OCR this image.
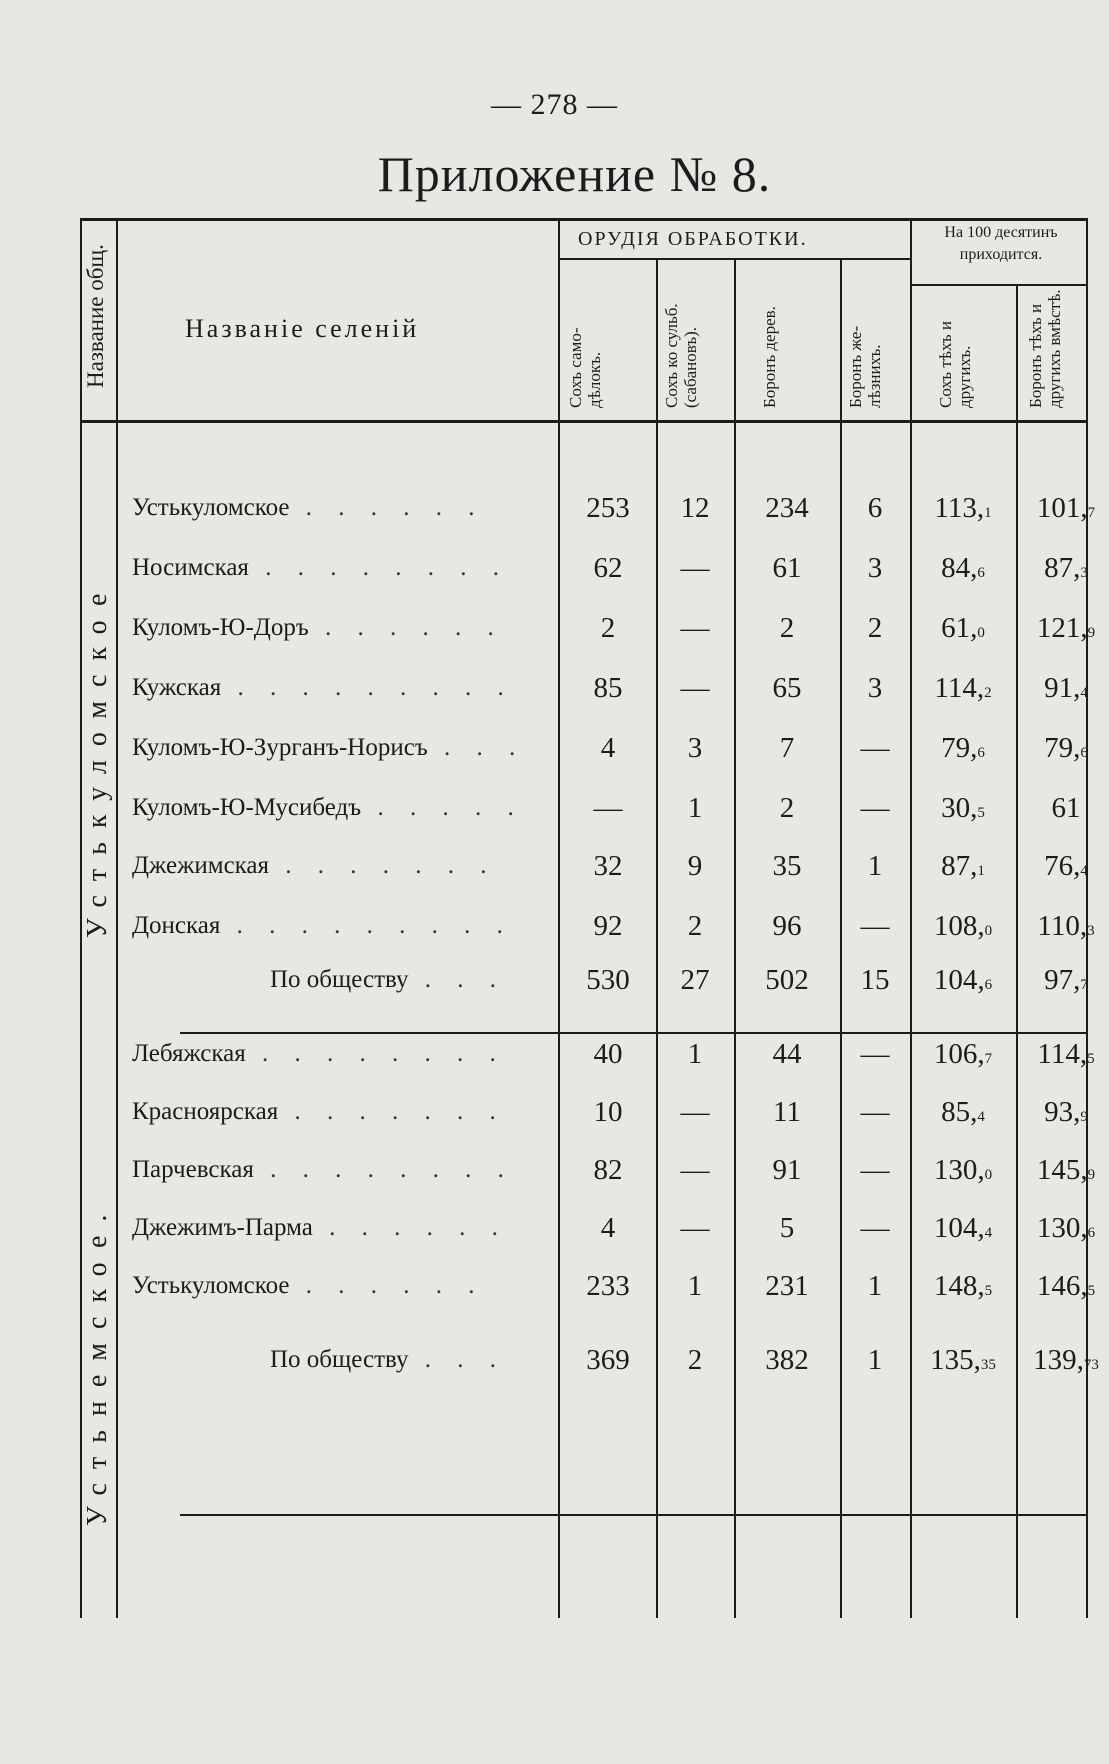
— 278 —
Приложение № 8.
Название общ.	Названіе селеній
ОРУДІЯ ОБРАБОТКИ.	На 100 десятинъ приходится.
Сохъ само-дѣлокъ.	Сохъ ко сульб. (сабановъ).	Боронъ дерев.	Боронъ же-лѣзнихъ.	Сохъ тѣхъ и другихъ.	Боронъ тѣхъ и другихъ вмѣстѣ.
Устькуломское
Устьнемское.
Устькуломское . . . . . .	253	12	234	6	113,1	101,7
Носимская . . . . . . . .	62	—	61	3	84,6	87,3
Куломъ-Ю-Доръ . . . . . .	2	—	2	2	61,0	121,9
Кужская . . . . . . . . .	85	—	65	3	114,2	91,4
Куломъ-Ю-Зурганъ-Норисъ . . .	4	3	7	—	79,6	79,6
Куломъ-Ю-Мусибедъ . . . . .	—	1	2	—	30,5	61
Джежимская . . . . . . .	32	9	35	1	87,1	76,4
Донская . . . . . . . . .	92	2	96	—	108,0	110,3
По обществу . . .	530	27	502	15	104,6	97,7
Лебяжская . . . . . . . .	40	1	44	—	106,7	114,5
Красноярская . . . . . . .	10	—	11	—	85,4	93,9
Парчевская . . . . . . . .	82	—	91	—	130,0	145,9
Джежимъ-Парма . . . . . .	4	—	5	—	104,4	130,6
Устькуломское . . . . . .	233	1	231	1	148,5	146,5
По обществу . . .	369	2	382	1	135,35	139,73
